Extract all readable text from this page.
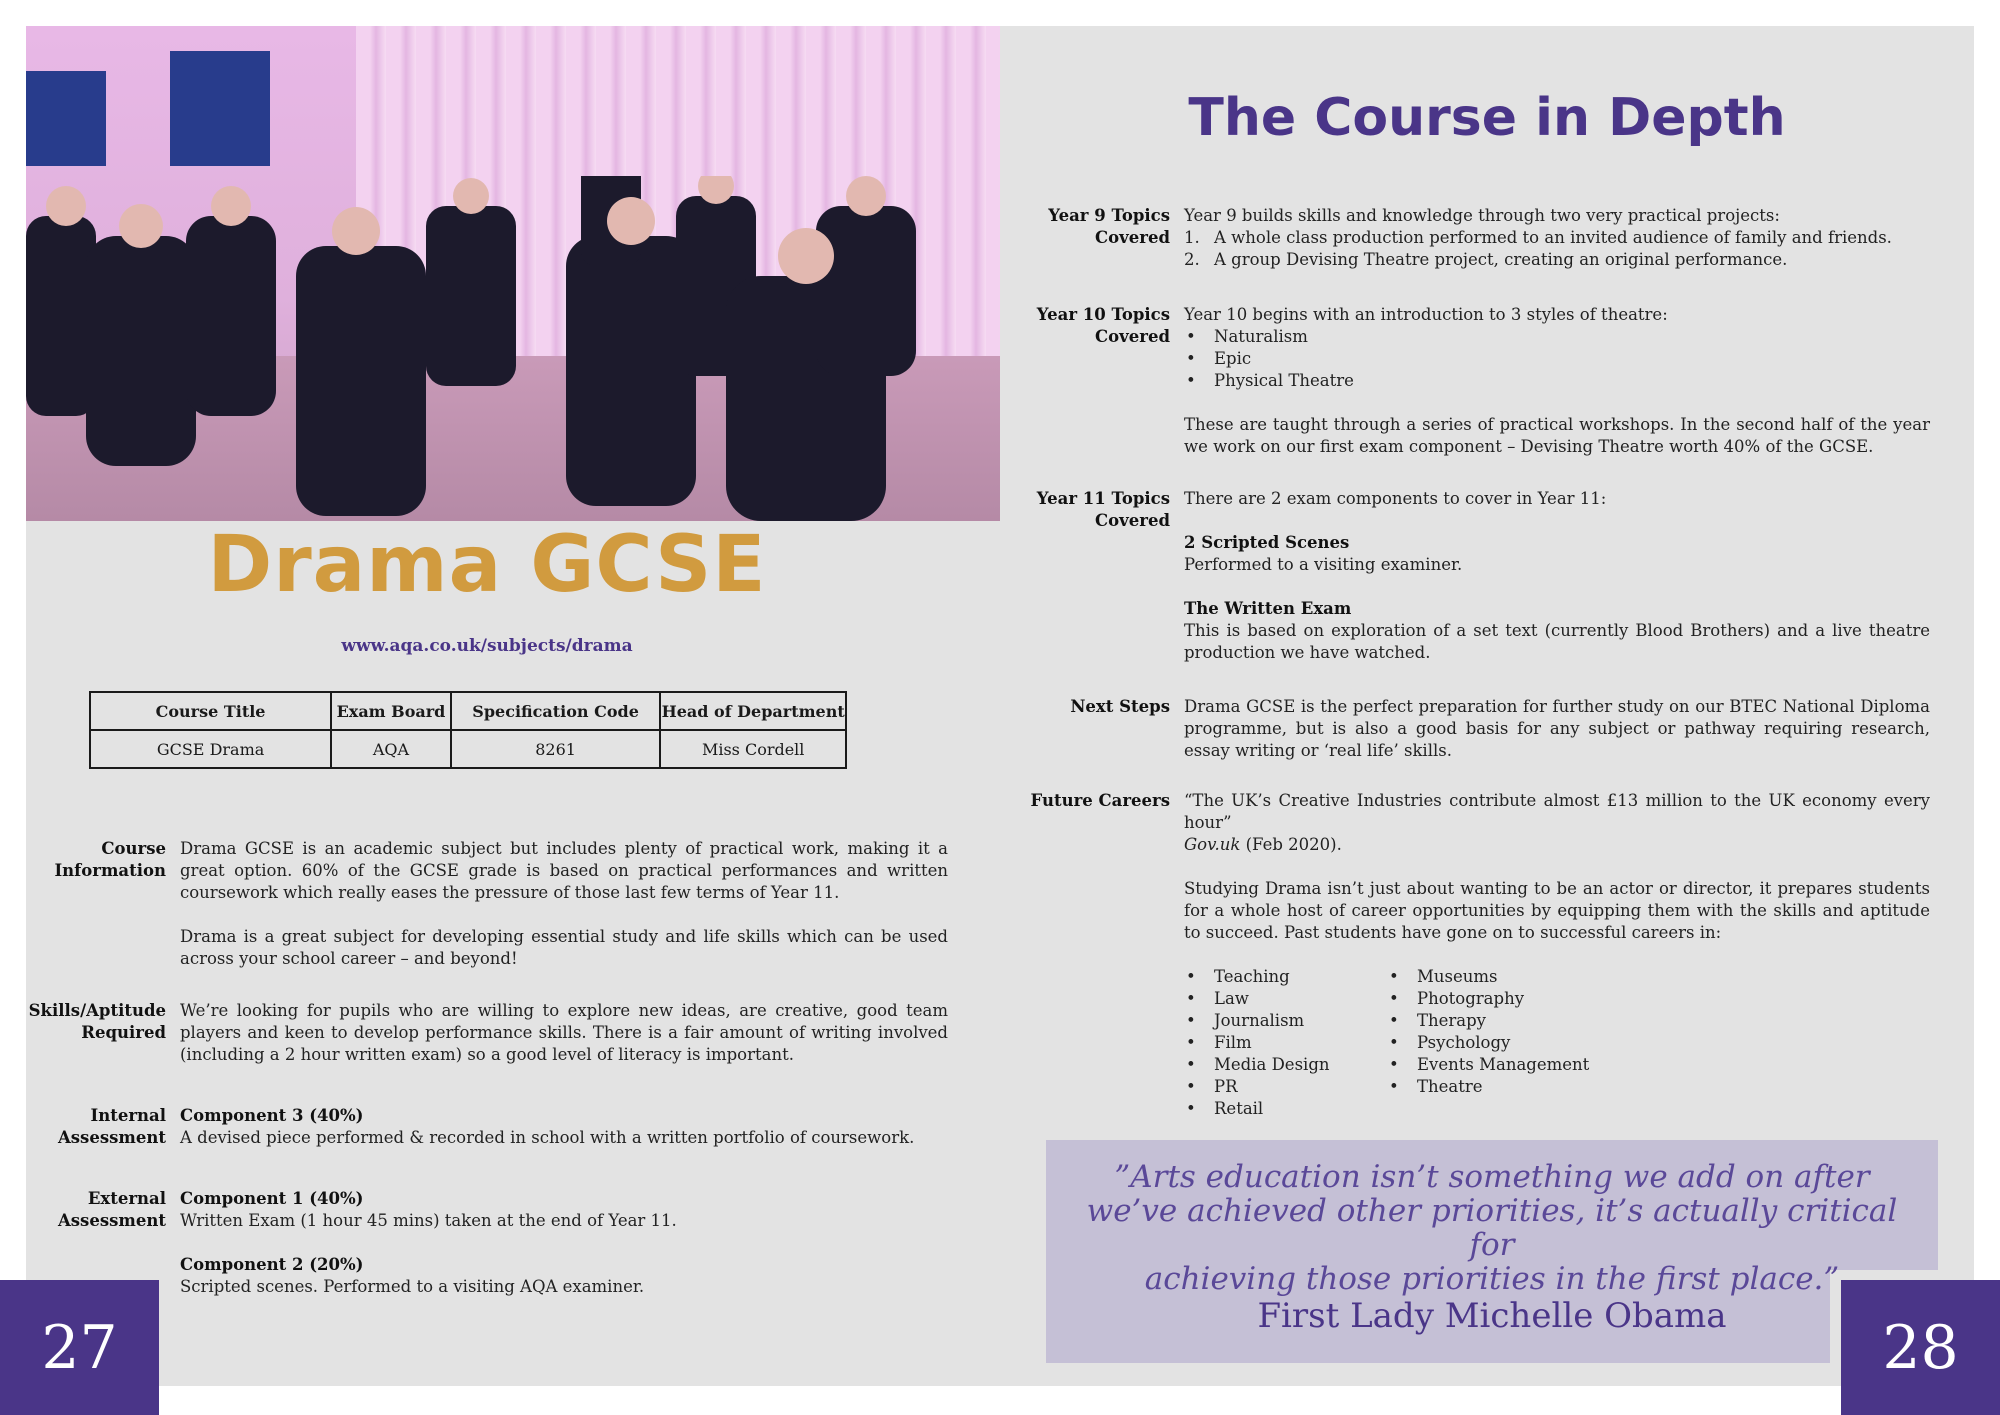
Drama GCSE
www.aqa.co.uk/subjects/drama
Course Title	Exam Board	Specification Code	Head of Department
GCSE Drama	AQA	8261	Miss Cordell
Course
Information

Drama GCSE is an academic subject but includes plenty of practical work, making it a great option. 60% of the GCSE grade is based on practical performances and written coursework which really eases the pressure of those last few terms of Year 11.

Drama is a great subject for developing essential study and life skills which can be used across your school career – and beyond!

Skills/Aptitude
Required

We’re looking for pupils who are willing to explore new ideas, are creative, good team players and keen to develop performance skills. There is a fair amount of writing involved (including a 2 hour written exam) so a good level of literacy is important.

Internal
Assessment

Component 3 (40%)

A devised piece performed & recorded in school with a written portfolio of coursework.

External
Assessment

Component 1 (40%)

Written Exam (1 hour 45 mins) taken at the end of Year 11.

Component 2 (20%)

Scripted scenes. Performed to a visiting AQA examiner.

The Course in Depth
Year 9 Topics
Covered

Year 9 builds skills and knowledge through two very practical projects:

1. A whole class production performed to an invited audience of family and friends.
2. A group Devising Theatre project, creating an original performance.
Year 10 Topics
Covered

Year 10 begins with an introduction to 3 styles of theatre:

• Naturalism
• Epic
• Physical Theatre

These are taught through a series of practical workshops. In the second half of the year we work on our first exam component – Devising Theatre worth 40% of the GCSE.

Year 11 Topics
Covered

There are 2 exam components to cover in Year 11:

2 Scripted Scenes

Performed to a visiting examiner.

The Written Exam

This is based on exploration of a set text (currently Blood Brothers) and a live theatre production we have watched.

Next Steps Drama GCSE is the perfect preparation for further study on our BTEC National Diploma programme, but is also a good basis for any subject or pathway requiring research, essay writing or ‘real life’ skills.

Future Careers “The UK’s Creative Industries contribute almost £13 million to the UK economy every hour”

Gov.uk (Feb 2020).

Studying Drama isn’t just about wanting to be an actor or director, it prepares students for a whole host of career opportunities by equipping them with the skills and aptitude to succeed. Past students have gone on to successful careers in:

• Teaching
• Law
• Journalism
• Film
• Media Design
• PR
• Retail
• Museums
• Photography
• Therapy
• Psychology
• Events Management
• Theatre
”Arts education isn’t something we add on after
we’ve achieved other priorities, it’s actually critical for
achieving those priorities in the first place.”
First Lady Michelle Obama
27	28
